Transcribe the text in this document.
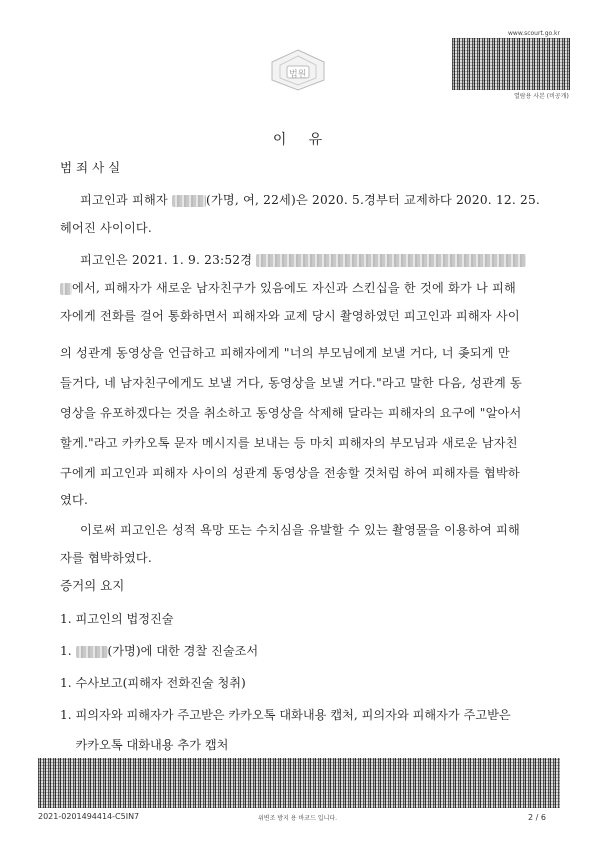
법원
www.scourt.go.kr
열람용 사본 (비공개)
이     유
범 죄 사 실
피고인과 피해자	(가명, 여, 22세)은 2020. 5.경부터 교제하다 2020. 12. 25.
헤어진 사이이다.
피고인은 2021. 1. 9. 23:52경
에서, 피해자가 새로운 남자친구가 있음에도 자신과 스킨십을 한 것에 화가 나 피해
자에게 전화를 걸어 통화하면서 피해자와 교제 당시 촬영하였던 피고인과 피해자 사이
의 성관계 동영상을 언급하고 피해자에게 "너의 부모님에게 보낼 거다, 너 좆되게 만
들거다, 네 남자친구에게도 보낼 거다, 동영상을 보낼 거다."라고 말한 다음, 성관계 동
영상을 유포하겠다는 것을 취소하고 동영상을 삭제해 달라는 피해자의 요구에 "알아서
할게."라고 카카오톡 문자 메시지를 보내는 등 마치 피해자의 부모님과 새로운 남자친
구에게 피고인과 피해자 사이의 성관계 동영상을 전송할 것처럼 하여 피해자를 협박하
였다.
이로써 피고인은 성적 욕망 또는 수치심을 유발할 수 있는 촬영물을 이용하여 피해
자를 협박하였다.
증거의 요지
1. 피고인의 법정진술
1.	(가명)에 대한 경찰 진술조서
1. 수사보고(피해자 전화진술 청취)
1. 피의자와 피해자가 주고받은 카카오톡 대화내용 캡처, 피의자와 피해자가 주고받은
카카오톡 대화내용 추가 캡처
2021-0201494414-C5IN7	위변조 방지 용 바코드 입니다.	2 / 6
